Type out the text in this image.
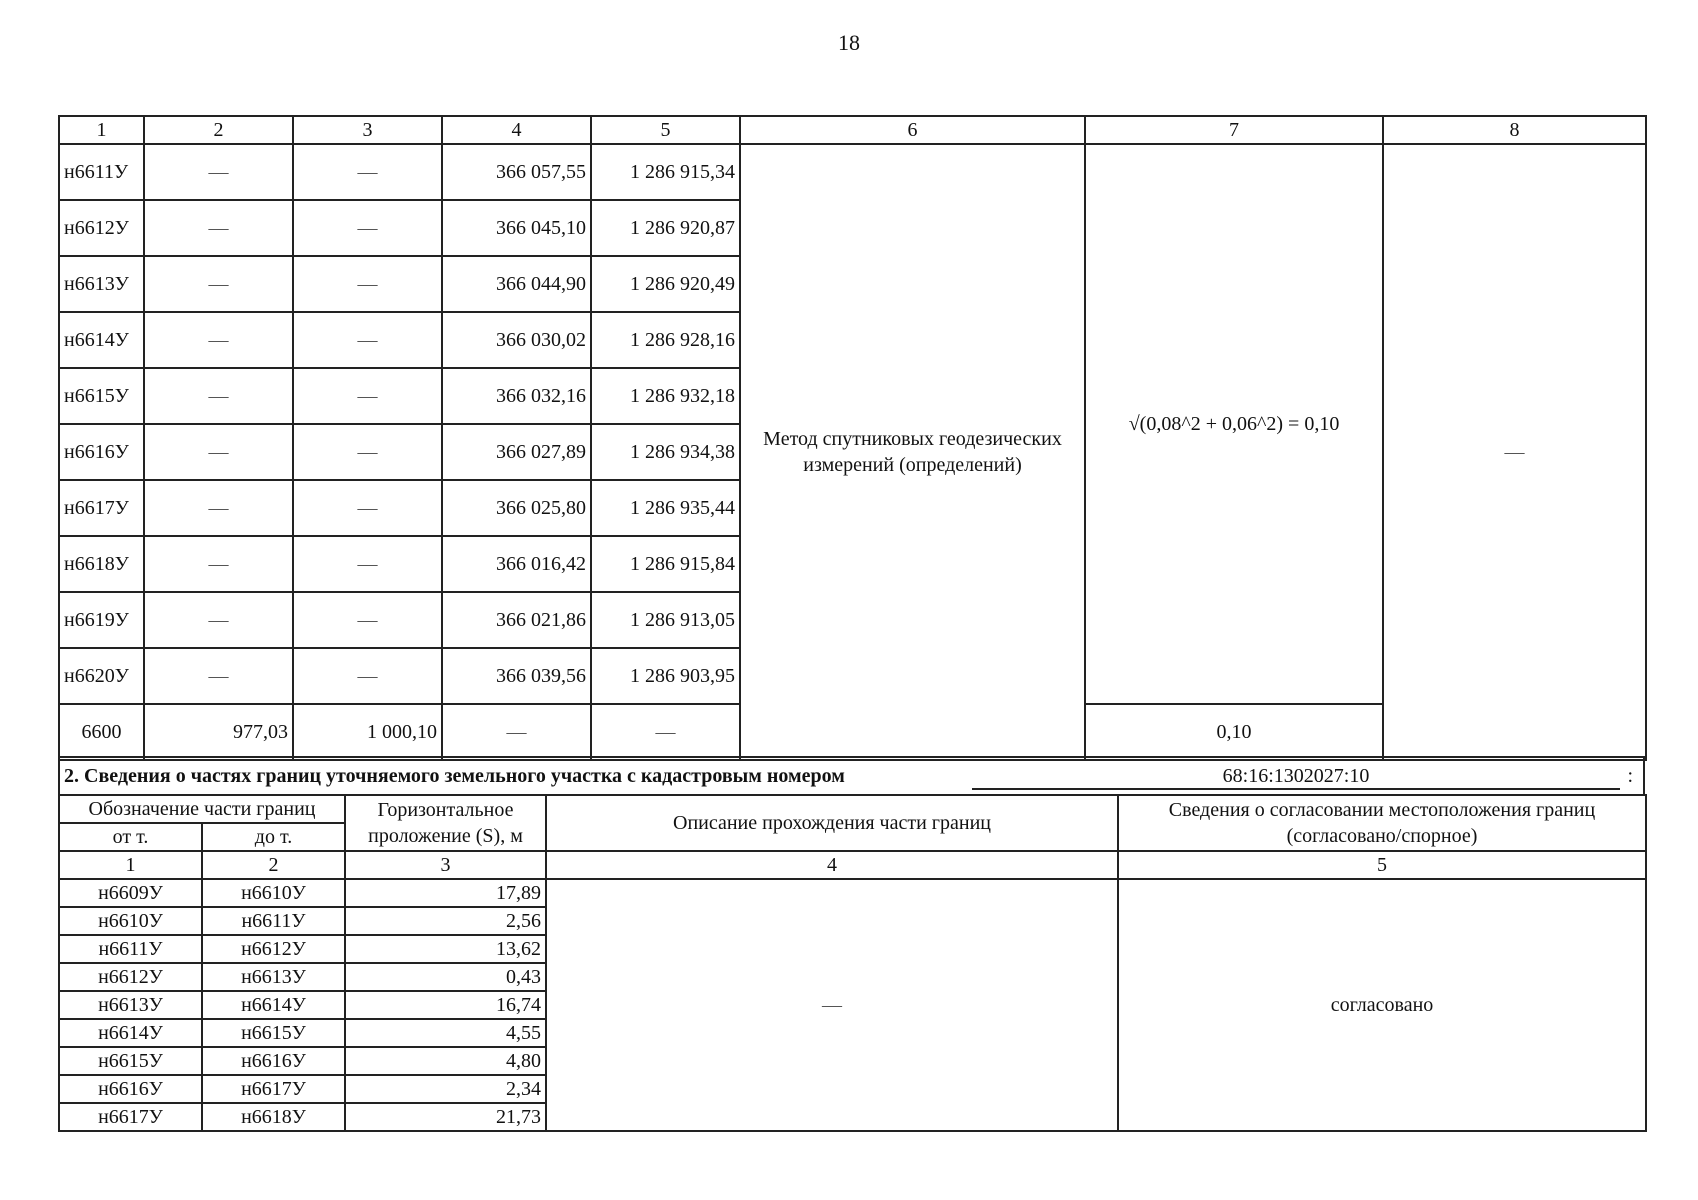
18
1	2	3	4	5	6	7	8
н6611У	—	—	366 057,55	1 286 915,34	Метод спутниковых геодезических измерений (определений)	√(0,08^2 + 0,06^2) = 0,10	—
н6612У	—	—	366 045,10	1 286 920,87			
н6613У	—	—	366 044,90	1 286 920,49			
н6614У	—	—	366 030,02	1 286 928,16			
н6615У	—	—	366 032,16	1 286 932,18			
н6616У	—	—	366 027,89	1 286 934,38			
н6617У	—	—	366 025,80	1 286 935,44			
н6618У	—	—	366 016,42	1 286 915,84			
н6619У	—	—	366 021,86	1 286 913,05			
н6620У	—	—	366 039,56	1 286 903,95			
6600	977,03	1 000,10	—	—		0,10	
2. Сведения о частях границ уточняемого земельного участка с кадастровым номером	68:16:1302027:10	:
Обозначение части границ		Горизонтальное проложение (S), м	Описание прохождения части границ	Сведения о согласовании местоположения границ (согласовано/спорное)
от т.	до т.			
1	2	3	4	5
н6609У	н6610У	17,89	—	согласовано
н6610У	н6611У	2,56		
н6611У	н6612У	13,62		
н6612У	н6613У	0,43		
н6613У	н6614У	16,74		
н6614У	н6615У	4,55		
н6615У	н6616У	4,80		
н6616У	н6617У	2,34		
н6617У	н6618У	21,73		
